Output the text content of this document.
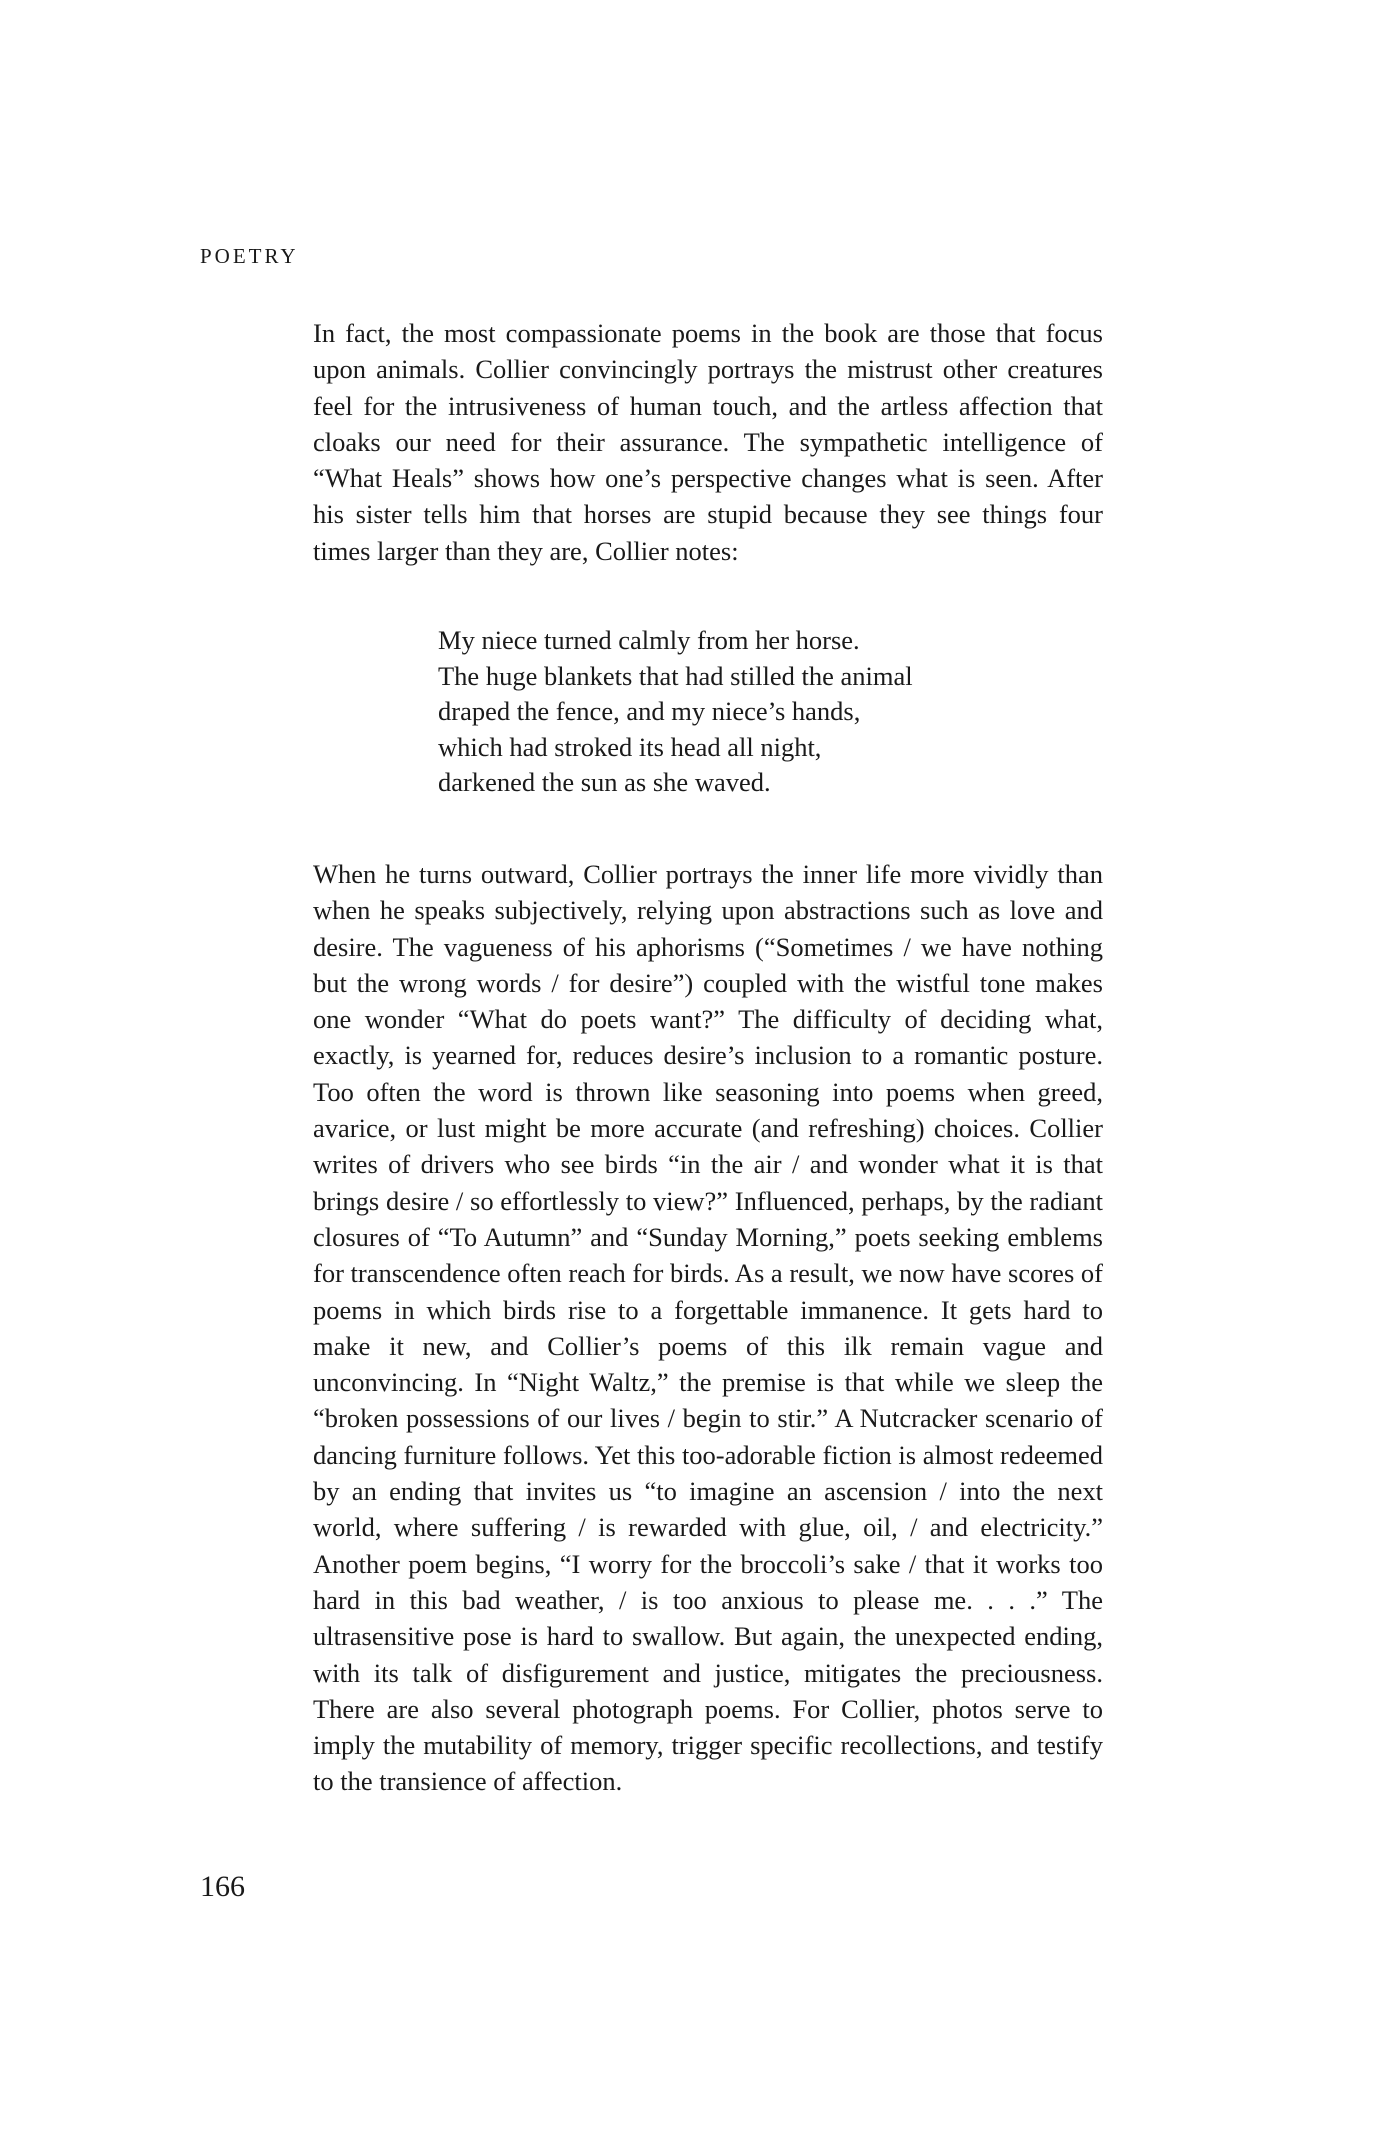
POETRY

In fact, the most compassionate poems in the book are those that focus upon animals. Collier convincingly portrays the mistrust other creatures feel for the intrusiveness of human touch, and the artless affection that cloaks our need for their assurance. The sympathetic intelligence of “What Heals” shows how one’s perspective changes what is seen. After his sister tells him that horses are stupid because they see things four times larger than they are, Collier notes:

My niece turned calmly from her horse.
The huge blankets that had stilled the animal
draped the fence, and my niece’s hands,
which had stroked its head all night,
darkened the sun as she waved.

When he turns outward, Collier portrays the inner life more vividly than when he speaks subjectively, relying upon abstractions such as love and desire. The vagueness of his aphorisms (“Sometimes / we have nothing but the wrong words / for desire”) coupled with the wistful tone makes one wonder “What do poets want?” The difficulty of deciding what, exactly, is yearned for, reduces desire’s inclusion to a romantic posture. Too often the word is thrown like seasoning into poems when greed, avarice, or lust might be more accurate (and refreshing) choices. Collier writes of drivers who see birds “in the air / and wonder what it is that brings desire / so effortlessly to view?” Influenced, perhaps, by the radiant closures of “To Autumn” and “Sunday Morning,” poets seeking emblems for transcendence often reach for birds. As a result, we now have scores of poems in which birds rise to a forgettable immanence. It gets hard to make it new, and Collier’s poems of this ilk remain vague and unconvincing. In “Night Waltz,” the premise is that while we sleep the “broken possessions of our lives / begin to stir.” A Nutcracker scenario of dancing furniture follows. Yet this too-adorable fiction is almost redeemed by an ending that invites us “to imagine an ascension / into the next world, where suffering / is rewarded with glue, oil, / and electricity.” Another poem begins, “I worry for the broccoli’s sake / that it works too hard in this bad weather, / is too anxious to please me. . . .” The ultrasensitive pose is hard to swallow. But again, the unexpected ending, with its talk of disfigurement and justice, mitigates the preciousness. There are also several photograph poems. For Collier, photos serve to imply the mutability of memory, trigger specific recollections, and testify to the transience of affection.

166
